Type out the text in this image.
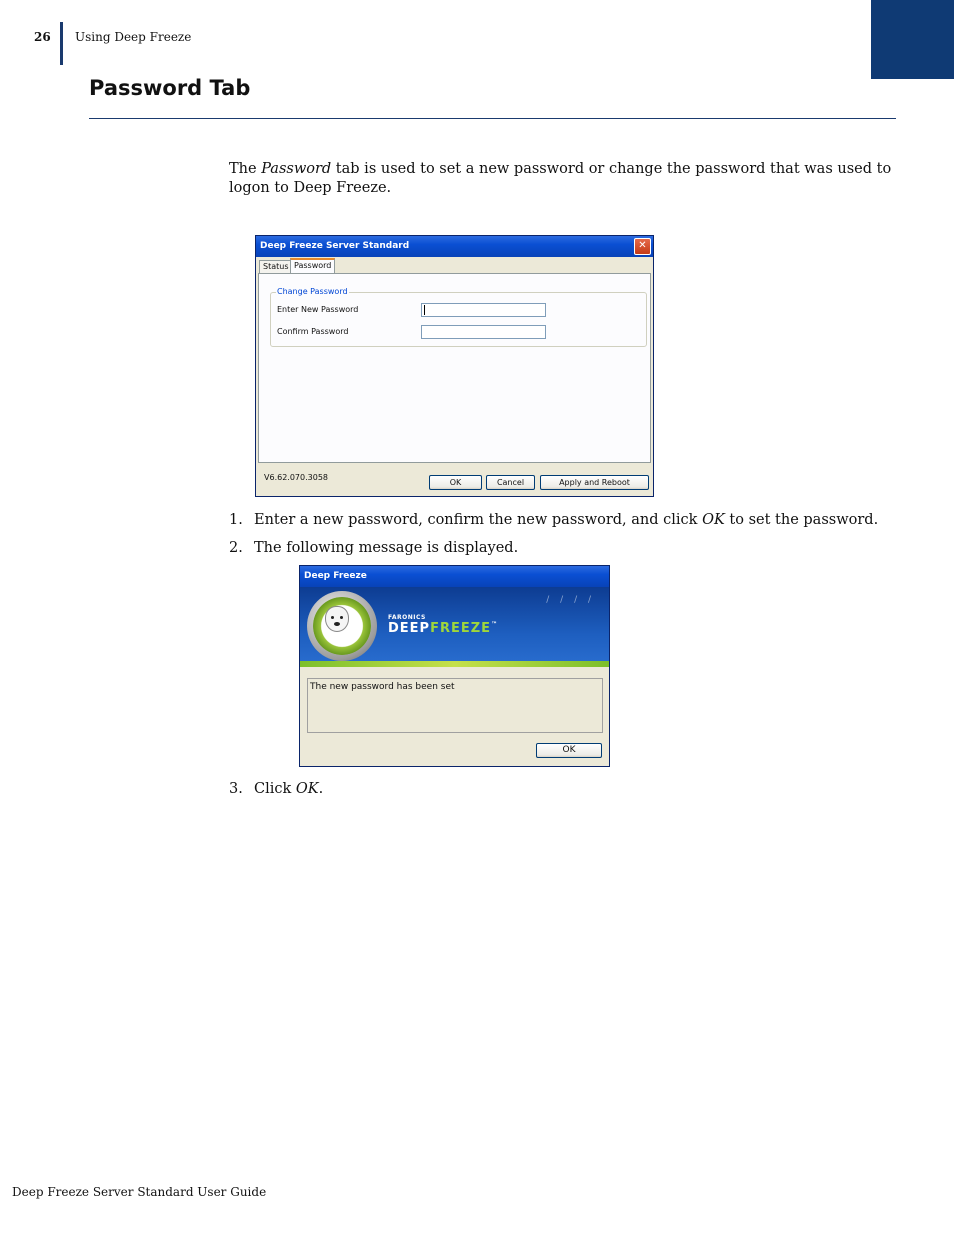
26 Using Deep Freeze
Password Tab
The Password tab is used to set a new password or change the password that was used to logon to Deep Freeze.
Deep Freeze Server Standard	✕
Status Password
Change Password
Enter New Password
Confirm Password
V6.62.070.3058
OK	Cancel	Apply and Reboot
1. Enter a new password, confirm the new password, and click OK to set the password.
2. The following message is displayed.
3. Click OK.
Deep Freeze
/ / / /
FARONICS
DEEPFREEZE™
The new password has been set
OK
Deep Freeze Server Standard User Guide
